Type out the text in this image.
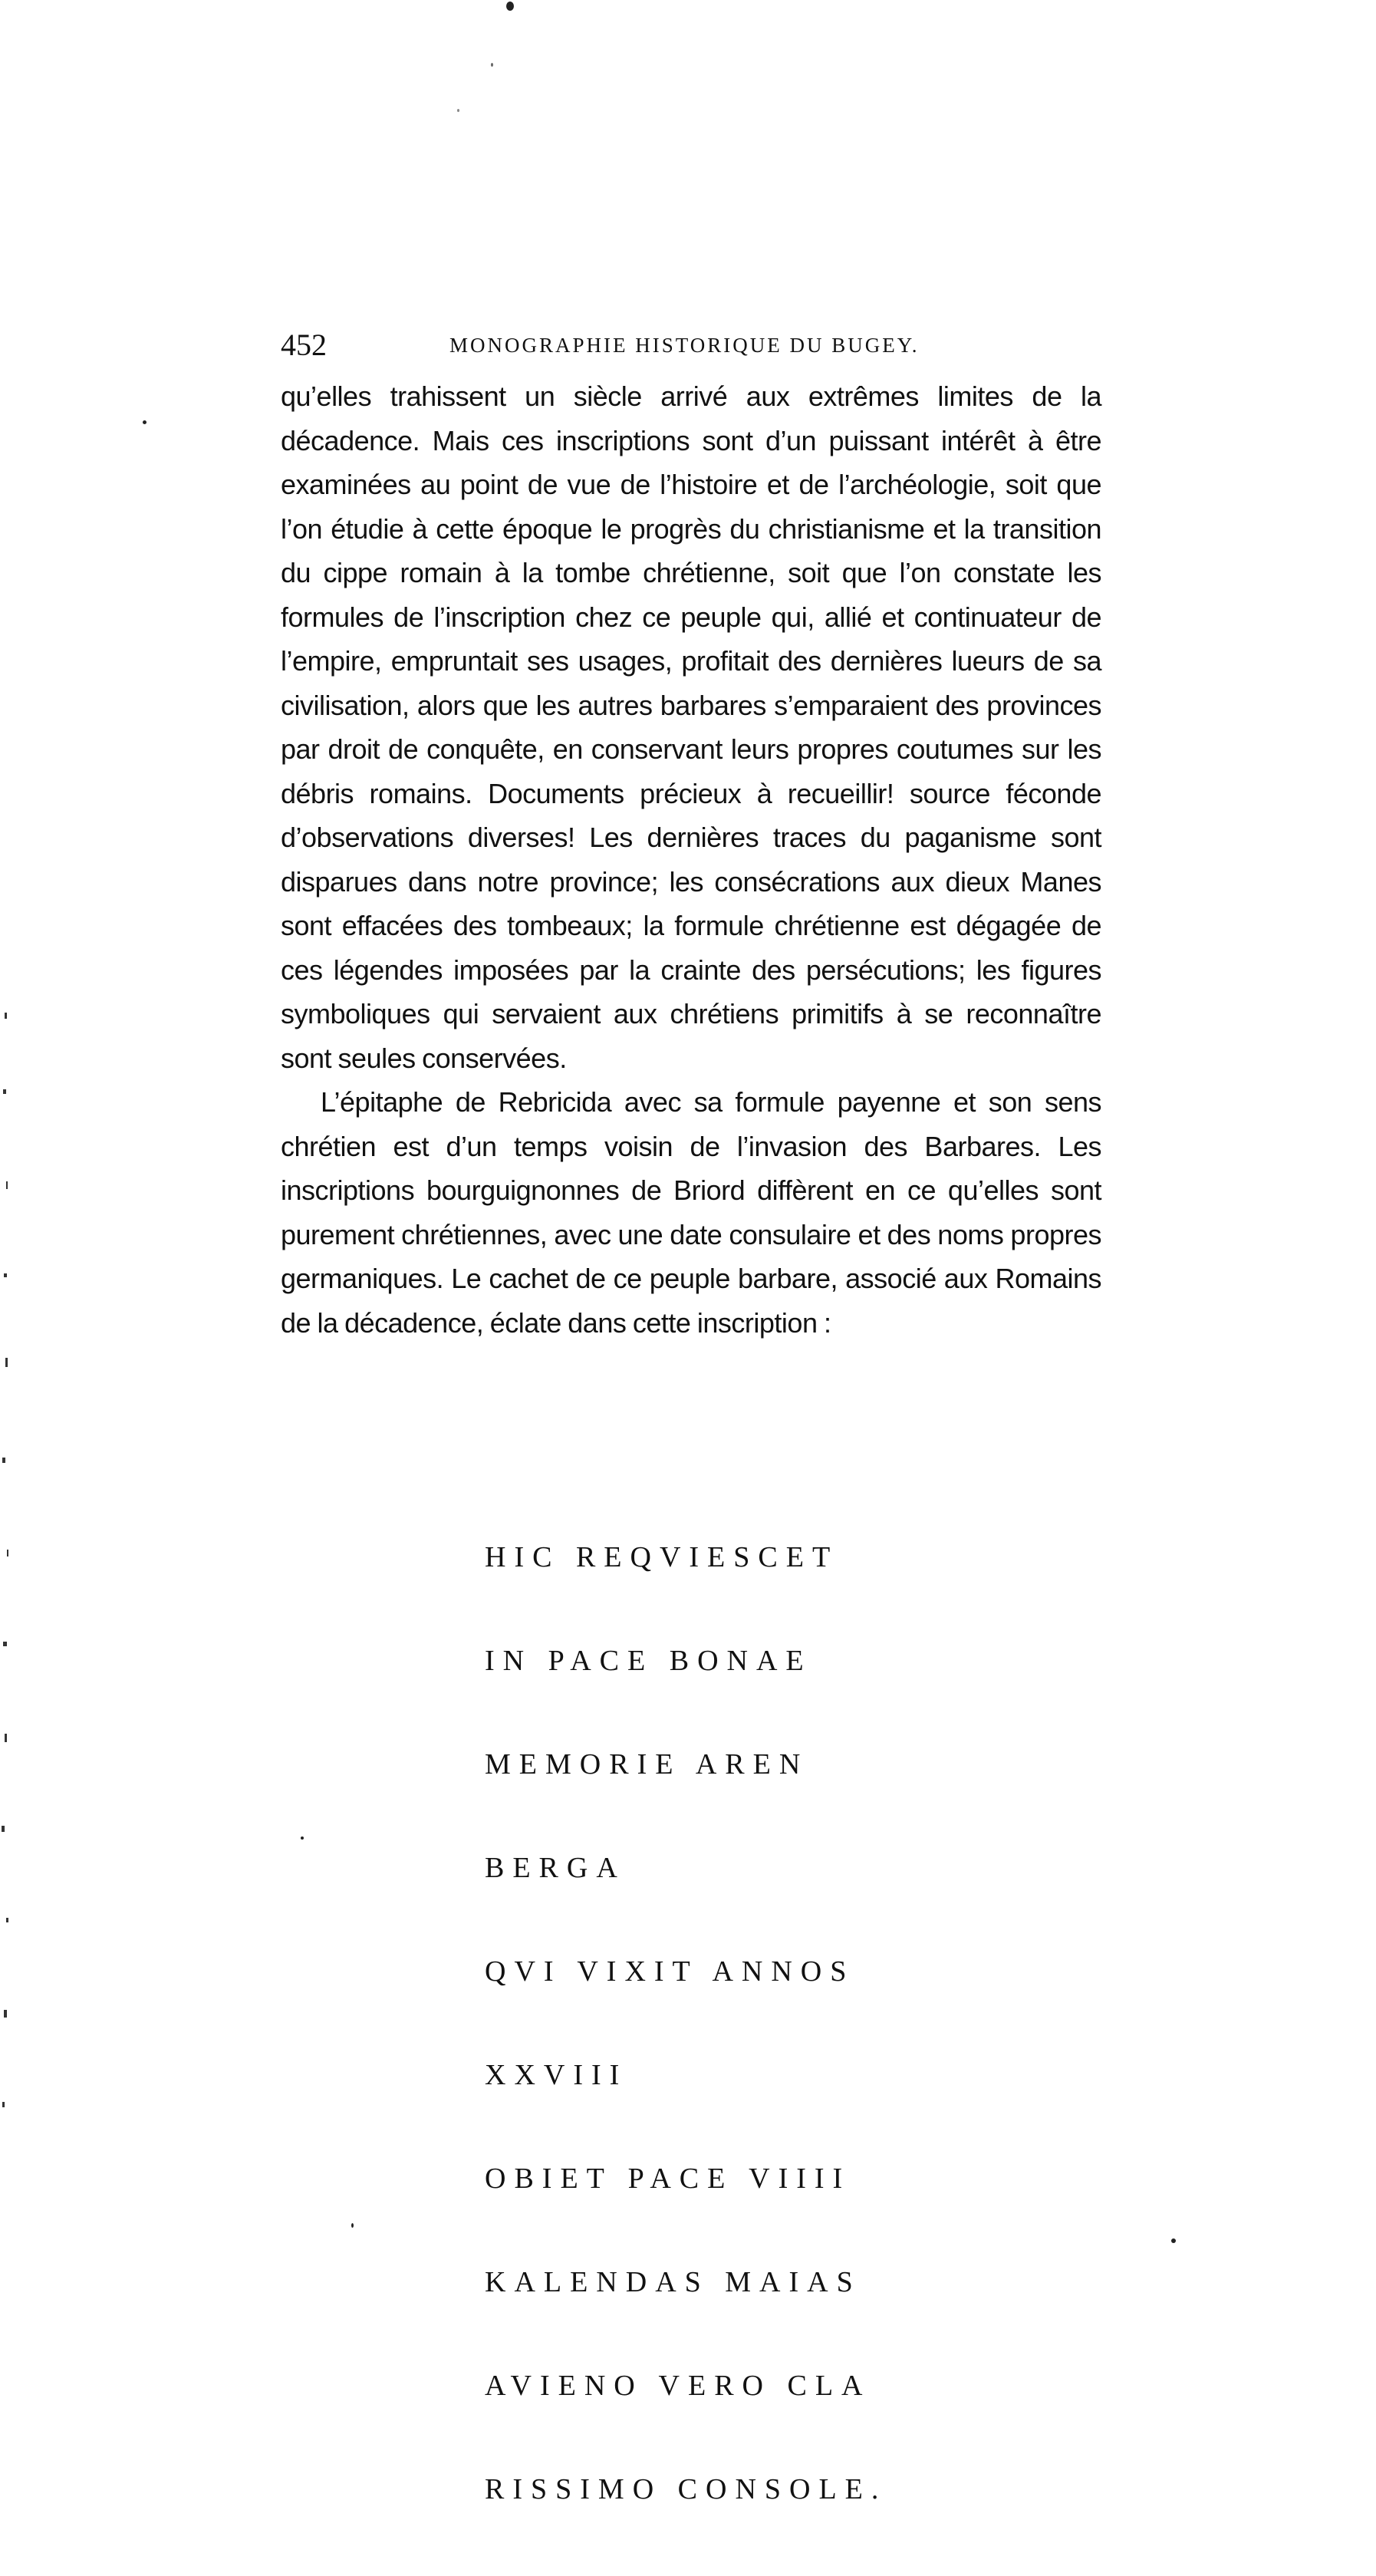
452	MONOGRAPHIE HISTORIQUE DU BUGEY.

qu’elles trahissent un siècle arrivé aux extrêmes limites de la décadence. Mais ces inscriptions sont d’un puissant intérêt à être examinées au point de vue de l’histoire et de l’archéologie, soit que l’on étudie à cette époque le progrès du christianisme et la transition du cippe romain à la tombe chrétienne, soit que l’on constate les formules de l’inscription chez ce peuple qui, allié et continuateur de l’empire, empruntait ses usages, profitait des dernières lueurs de sa civilisation, alors que les autres barbares s’emparaient des provinces par droit de conquête, en conservant leurs propres coutumes sur les débris romains. Documents précieux à recueillir! source féconde d’observations diverses! Les dernières traces du paganisme sont disparues dans notre province; les consécrations aux dieux Manes sont effacées des tombeaux; la formule chrétienne est dégagée de ces légendes imposées par la crainte des persécutions; les figures symboliques qui servaient aux chrétiens primitifs à se reconnaître sont seules conservées.

L’épitaphe de Rebricida avec sa formule payenne et son sens chrétien est d’un temps voisin de l’invasion des Barbares. Les inscriptions bourguignonnes de Briord diffèrent en ce qu’elles sont purement chrétiennes, avec une date consulaire et des noms propres germaniques. Le cachet de ce peuple barbare, associé aux Romains de la décadence, éclate dans cette inscription :

HIC REQVIESCET

IN PACE BONAE

MEMORIE AREN

BERGA

QVI VIXIT ANNOS

XXVIII

OBIET PACE VIIII

KALENDAS MAIAS

AVIENO VERO CLA

RISSIMO CONSOLE.
